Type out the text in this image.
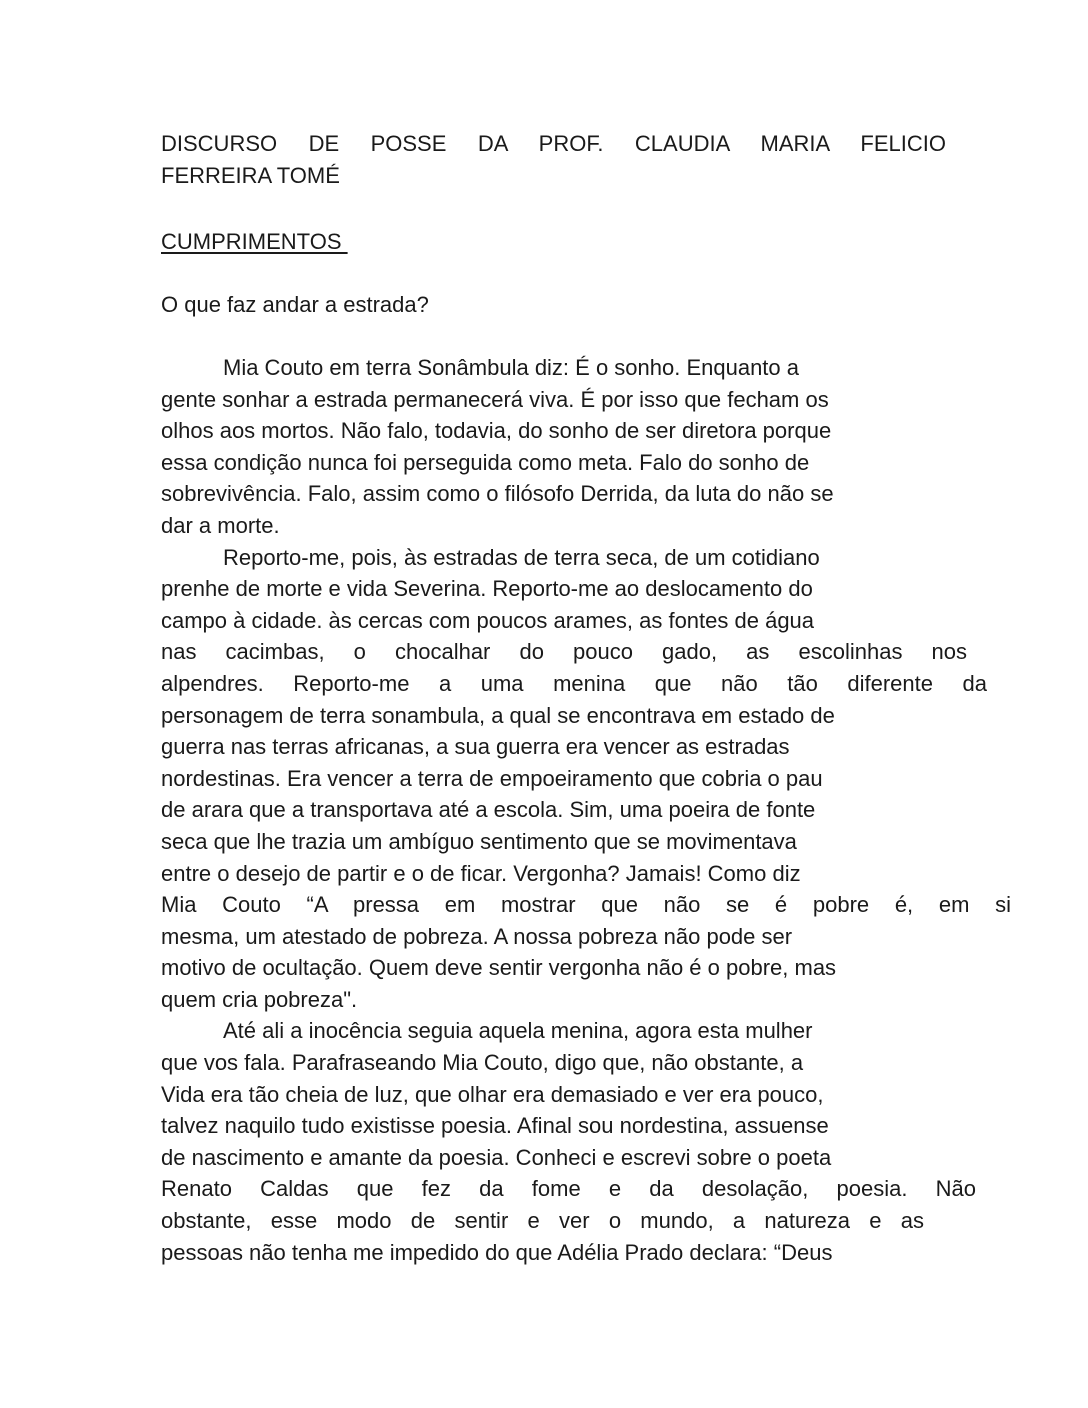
DISCURSO DE POSSE DA PROF. CLAUDIA MARIA FELICIO
FERREIRA TOMÉ
CUMPRIMENTOS

O que faz andar a estrada?

Mia Couto em terra Sonâmbula diz: É o sonho. Enquanto a
gente sonhar a estrada permanecerá viva. É por isso que fecham os
olhos aos mortos. Não falo, todavia, do sonho de ser diretora porque
essa condição nunca foi perseguida como meta. Falo do sonho de
sobrevivência. Falo, assim como o filósofo Derrida, da luta do não se
dar a morte.
Reporto-me, pois, às estradas de terra seca, de um cotidiano
prenhe de morte e vida Severina. Reporto-me ao deslocamento do
campo à cidade. às cercas com poucos arames, as fontes de água
nas cacimbas, o chocalhar do pouco gado, as escolinhas nos
alpendres. Reporto-me a uma menina que não tão diferente da
personagem de terra sonambula, a qual se encontrava em estado de
guerra nas terras africanas, a sua guerra era vencer as estradas
nordestinas. Era vencer a terra de empoeiramento que cobria o pau
de arara que a transportava até a escola. Sim, uma poeira de fonte
seca que lhe trazia um ambíguo sentimento que se movimentava
entre o desejo de partir e o de ficar. Vergonha? Jamais! Como diz
Mia Couto “A pressa em mostrar que não se é pobre é, em si
mesma, um atestado de pobreza. A nossa pobreza não pode ser
motivo de ocultação. Quem deve sentir vergonha não é o pobre, mas
quem cria pobreza".
Até ali a inocência seguia aquela menina, agora esta mulher
que vos fala. Parafraseando Mia Couto, digo que, não obstante, a
Vida era tão cheia de luz, que olhar era demasiado e ver era pouco,
talvez naquilo tudo existisse poesia. Afinal sou nordestina, assuense
de nascimento e amante da poesia. Conheci e escrevi sobre o poeta
Renato Caldas que fez da fome e da desolação, poesia. Não
obstante, esse modo de sentir e ver o mundo, a natureza e as
pessoas não tenha me impedido do que Adélia Prado declara: “Deus
